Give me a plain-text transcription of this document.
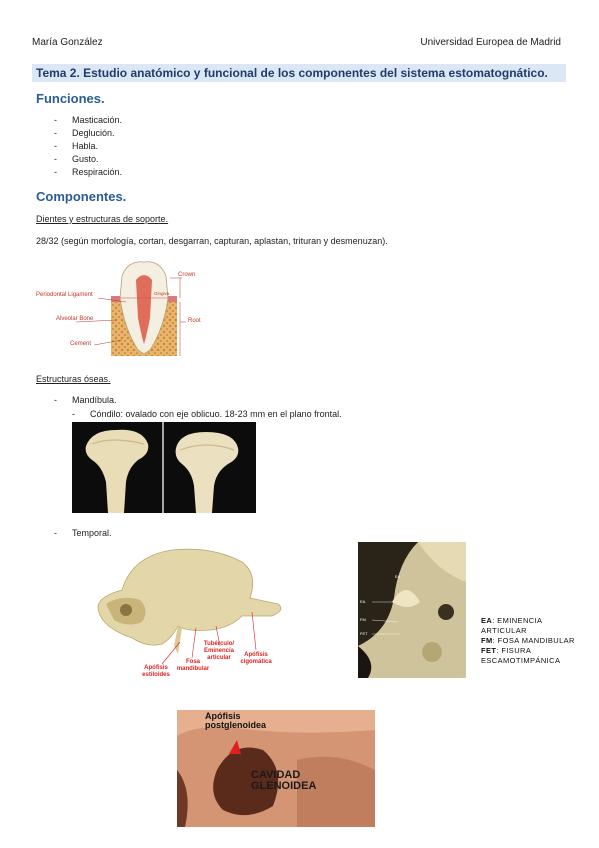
María González	Universidad Europea de Madrid
Tema 2. Estudio anatómico y funcional de los componentes del sistema estomatognático.
Funciones.
- Masticación.
- Deglución.
- Habla.
- Gusto.
- Respiración.
Componentes.
Dientes y estructuras de soporte.
28/32 (según morfología, cortan, desgarran, capturan, aplastan, trituran y desmenuzan).
Crown
Gingiva
Periodontal Ligament
Alveolar Bone	Root
Cement
Estructuras óseas.
- Mandíbula.
- Cóndilo: ovalado con eje oblicuo. 18-23 mm en el plano frontal.
- Temporal.
Apófisis estiloides
Fosa mandibular
Tubérculo/ Eminencia articular	Apófisis cigomática
EA
EA
FM
FET
EA: EMINENCIA ARTICULAR
FM: FOSA MANDIBULAR
FET: FISURA ESCAMOTIMPÁNICA
Apófisis postglenoidea
CAVIDAD GLENOIDEA
